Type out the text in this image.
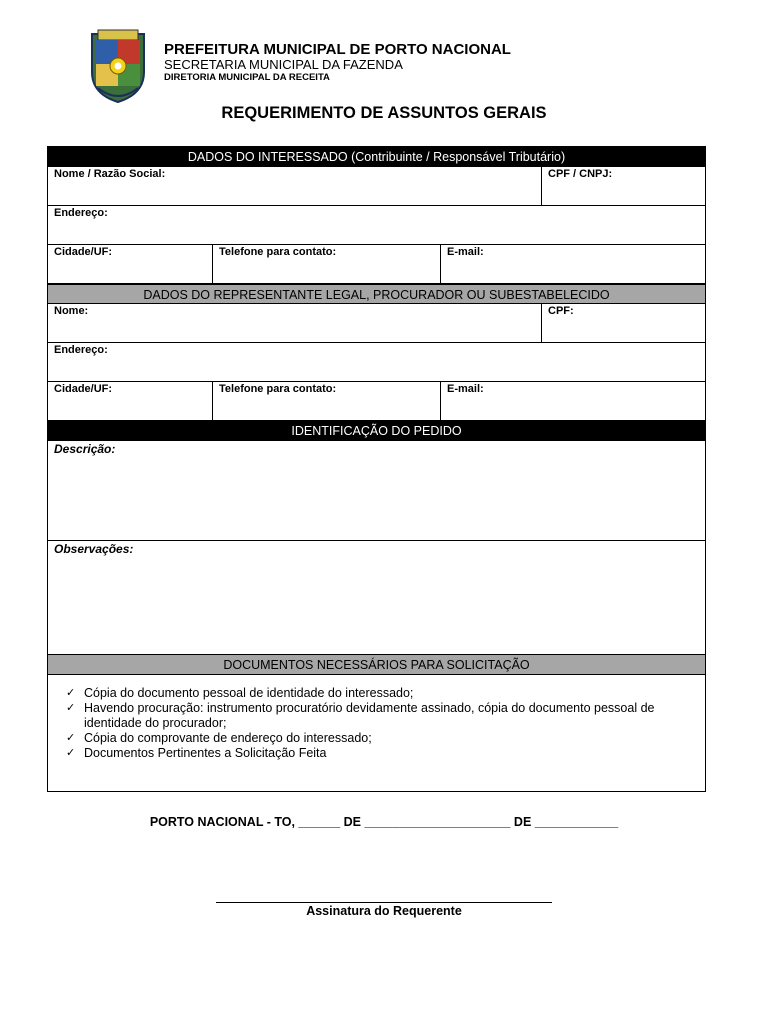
PREFEITURA MUNICIPAL DE PORTO NACIONAL
SECRETARIA MUNICIPAL DA FAZENDA
DIRETORIA MUNICIPAL DA RECEITA
REQUERIMENTO DE ASSUNTOS GERAIS
DADOS DO INTERESSADO (Contribuinte / Responsável Tributário)
Nome / Razão Social:	CPF / CNPJ:
Endereço:
Cidade/UF:	Telefone para contato:	E-mail:
DADOS DO REPRESENTANTE LEGAL, PROCURADOR OU SUBESTABELECIDO
Nome:	CPF:
Endereço:
Cidade/UF:	Telefone para contato:	E-mail:
IDENTIFICAÇÃO DO PEDIDO
Descrição:
Observações:
DOCUMENTOS NECESSÁRIOS PARA SOLICITAÇÃO
✓ Cópia do documento pessoal de identidade do interessado;
✓ Havendo procuração: instrumento procuratório devidamente assinado, cópia do documento pessoal de identidade do procurador;
✓ Cópia do comprovante de endereço do interessado;
✓ Documentos Pertinentes a Solicitação Feita
PORTO NACIONAL - TO, ______ DE _____________________ DE ____________
Assinatura do Requerente
